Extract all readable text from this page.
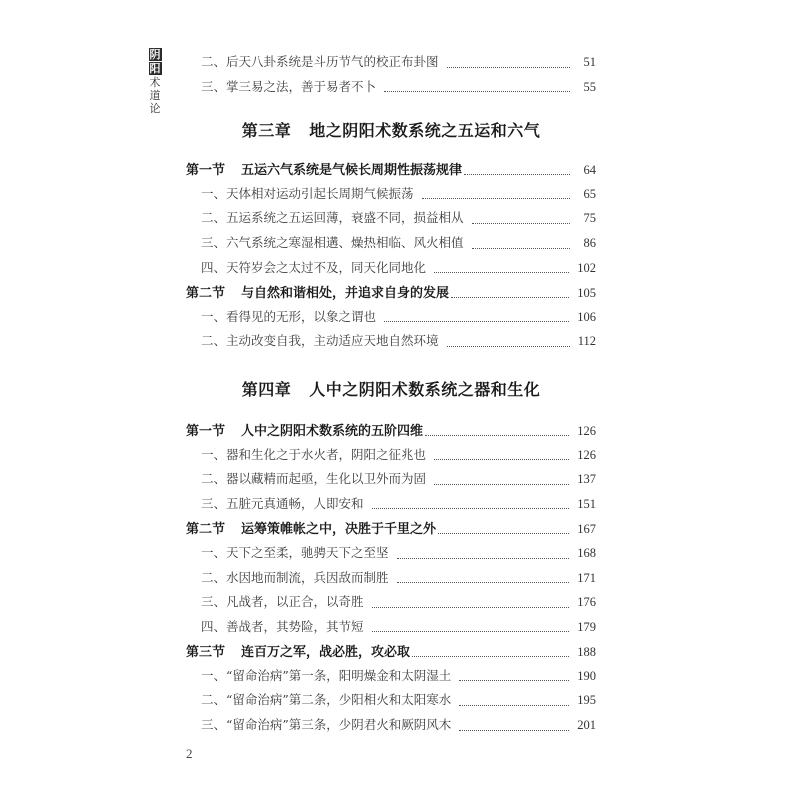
阴
阳
术
道
论
二、后天八卦系统是斗历节气的校正布卦图	51
三、掌三易之法，善于易者不卜	55
第三章 地之阴阳术数系统之五运和六气
第一节 五运六气系统是气候长周期性振荡规律	64
一、天体相对运动引起长周期气候振荡	65
二、五运系统之五运回薄，衰盛不同，损益相从	75
三、六气系统之寒湿相遘、燥热相临、风火相值	86
四、天符岁会之太过不及，同天化同地化	102
第二节 与自然和谐相处，并追求自身的发展	105
一、看得见的无形，以象之谓也	106
二、主动改变自我，主动适应天地自然环境	112
第四章 人中之阴阳术数系统之器和生化
第一节 人中之阴阳术数系统的五阶四维	126
一、器和生化之于水火者，阴阳之征兆也	126
二、器以藏精而起亟，生化以卫外而为固	137
三、五脏元真通畅，人即安和	151
第二节 运筹策帷帐之中，决胜于千里之外	167
一、天下之至柔，驰骋天下之至坚	168
二、水因地而制流，兵因敌而制胜	171
三、凡战者，以正合，以奇胜	176
四、善战者，其势险，其节短	179
第三节 连百万之军，战必胜，攻必取	188
一、“留命治病”第一条，阳明燥金和太阴湿土	190
二、“留命治病”第二条，少阳相火和太阳寒水	195
三、“留命治病”第三条，少阴君火和厥阴风木	201
2
